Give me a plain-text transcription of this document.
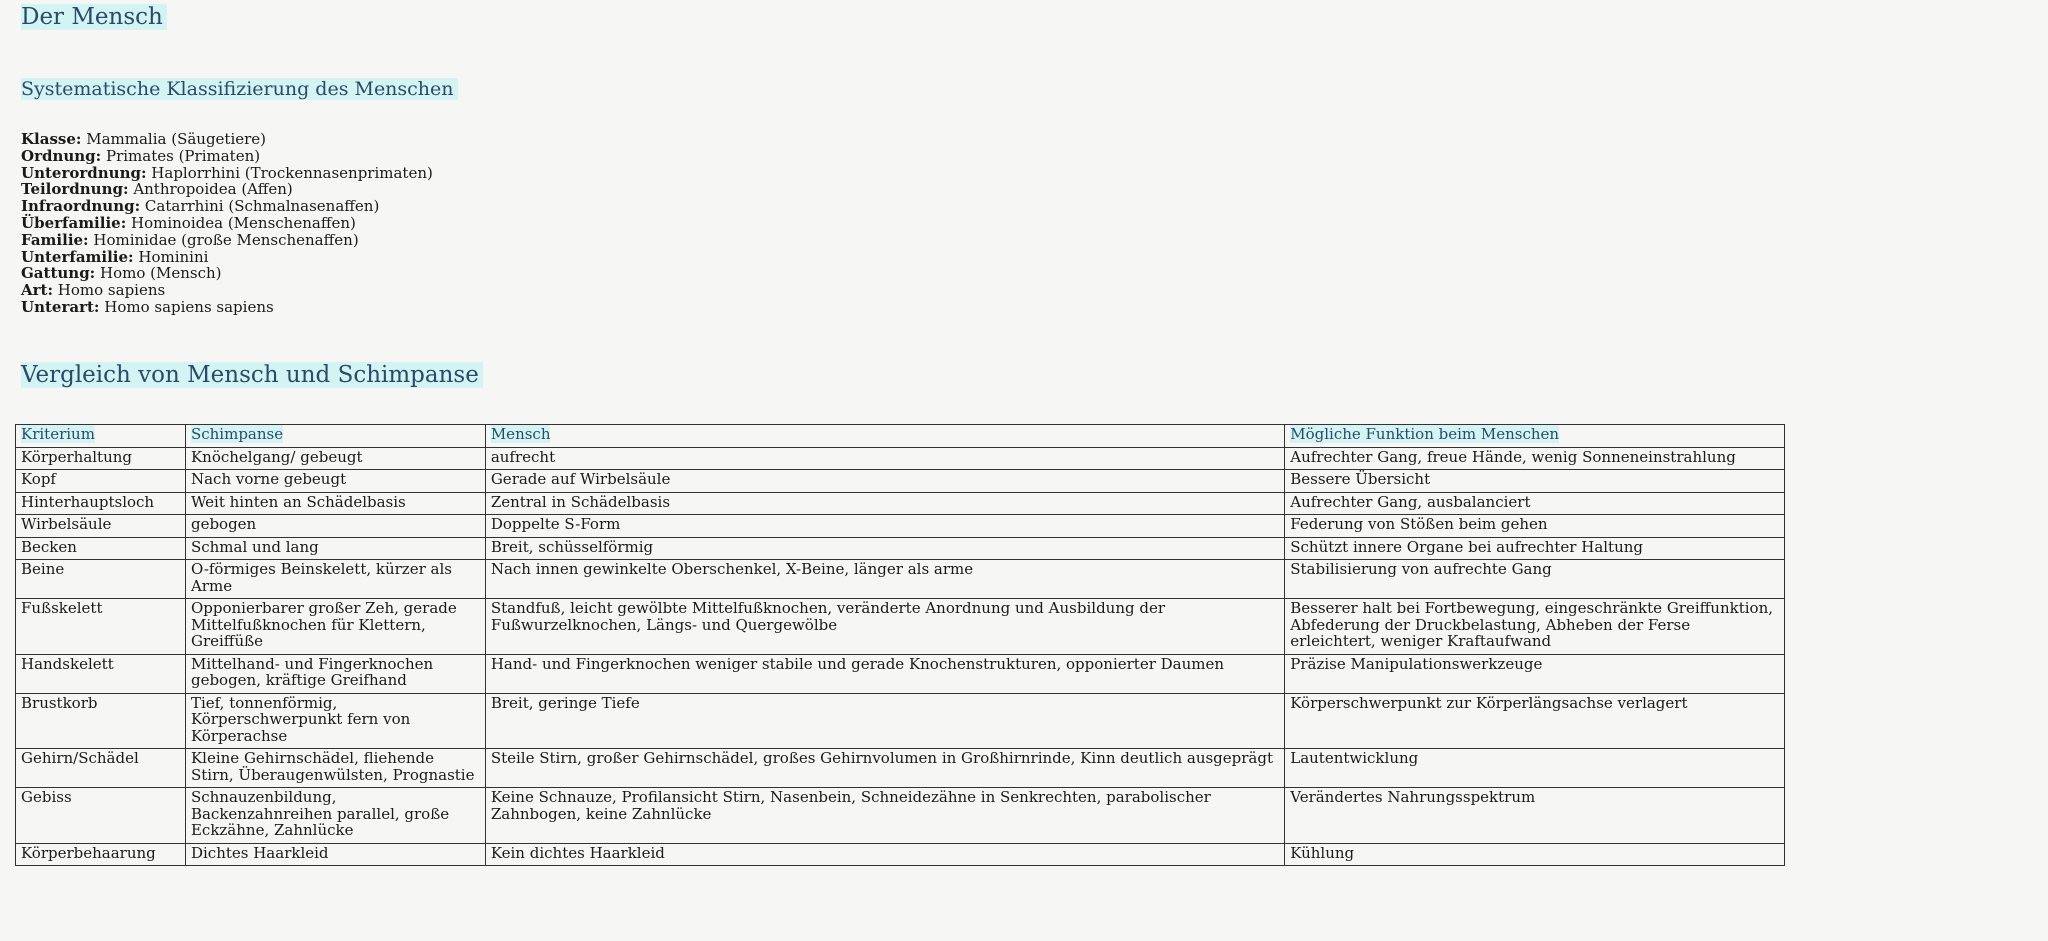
Der Mensch
Systematische Klassifizierung des Menschen
Klasse: Mammalia (Säugetiere)
Ordnung: Primates (Primaten)
Unterordnung: Haplorrhini (Trockennasenprimaten)
Teilordnung: Anthropoidea (Affen)
Infraordnung: Catarrhini (Schmalnasenaffen)
Überfamilie: Hominoidea (Menschenaffen)
Familie: Hominidae (große Menschenaffen)
Unterfamilie: Homininі
Gattung: Homo (Mensch)
Art: Homo sapiens
Unterart: Homo sapiens sapiens
Vergleich von Mensch und Schimpanse
Kriterium	Schimpanse	Mensch	Mögliche Funktion beim Menschen
Körperhaltung	Knöchelgang/ gebeugt	aufrecht	Aufrechter Gang, freue Hände, wenig Sonneneinstrahlung
Kopf	Nach vorne gebeugt	Gerade auf Wirbelsäule	Bessere Übersicht
Hinterhauptsloch	Weit hinten an Schädelbasis	Zentral in Schädelbasis	Aufrechter Gang, ausbalanciert
Wirbelsäule	gebogen	Doppelte S-Form	Federung von Stößen beim gehen
Becken	Schmal und lang	Breit, schüsselförmig	Schützt innere Organe bei aufrechter Haltung
Beine	O-förmiges Beinskelett, kürzer als Arme	Nach innen gewinkelte Oberschenkel, X-Beine, länger als arme	Stabilisierung von aufrechte Gang
Fußskelett	Opponierbarer großer Zeh, gerade Mittelfußknochen für Klettern, Greiffüße	Standfuß, leicht gewölbte Mittelfußknochen, veränderte Anordnung und Ausbildung der Fußwurzelknochen, Längs- und Quergewölbe	Besserer halt bei Fortbewegung, eingeschränkte Greiffunktion, Abfederung der Druckbelastung, Abheben der Ferse erleichtert, weniger Kraftaufwand
Handskelett	Mittelhand- und Fingerknochen gebogen, kräftige Greifhand	Hand- und Fingerknochen weniger stabile und gerade Knochenstrukturen, opponierter Daumen	Präzise Manipulationswerkzeuge
Brustkorb	Tief, tonnenförmig, Körperschwerpunkt fern von Körperachse	Breit, geringe Tiefe	Körperschwerpunkt zur Körperlängsachse verlagert
Gehirn/Schädel	Kleine Gehirnschädel, fliehende Stirn, Überaugenwülsten, Prognastie	Steile Stirn, großer Gehirnschädel, großes Gehirnvolumen in Großhirnrinde, Kinn deutlich ausgeprägt	Lautentwicklung
Gebiss	Schnauzenbildung, Backenzahnreihen parallel, große Eckzähne, Zahnlücke	Keine Schnauze, Profilansicht Stirn, Nasenbein, Schneidezähne in Senkrechten, parabolischer Zahnbogen, keine Zahnlücke	Verändertes Nahrungsspektrum
Körperbehaarung	Dichtes Haarkleid	Kein dichtes Haarkleid	Kühlung
